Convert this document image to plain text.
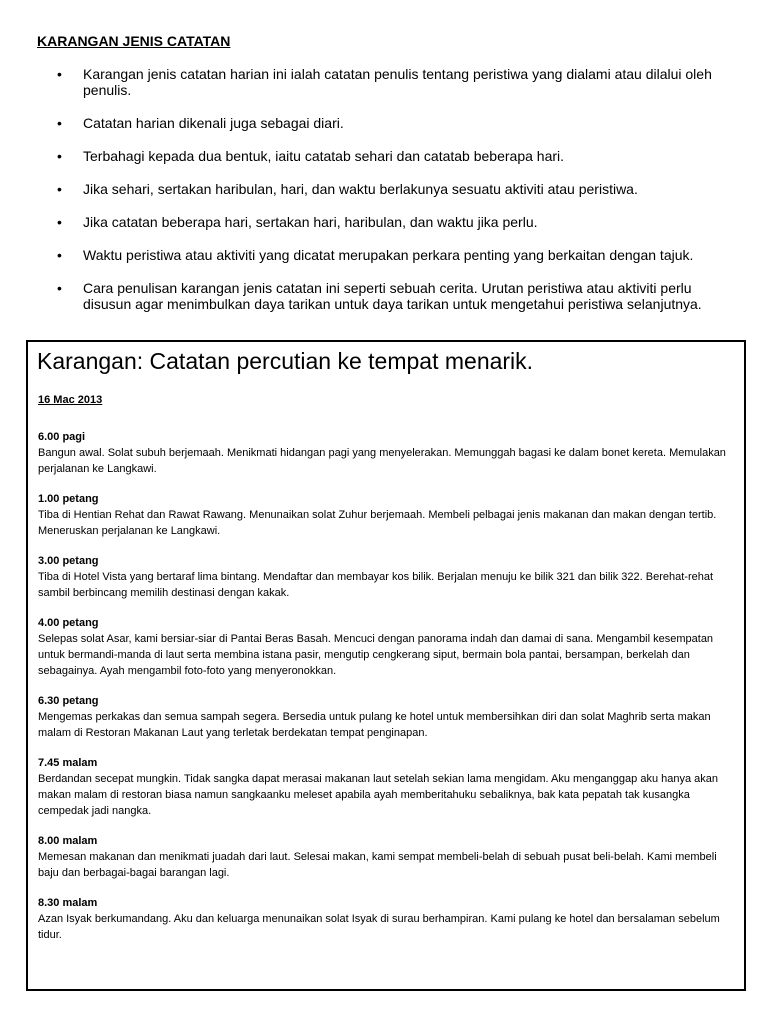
KARANGAN JENIS CATATAN
• Karangan jenis catatan harian ini ialah catatan penulis tentang peristiwa yang dialami atau dilalui oleh penulis.
• Catatan harian dikenali juga sebagai diari.
• Terbahagi kepada dua bentuk, iaitu catatab sehari dan catatab beberapa hari.
• Jika sehari, sertakan haribulan, hari, dan waktu berlakunya sesuatu aktiviti atau peristiwa.
• Jika catatan beberapa hari, sertakan hari, haribulan, dan waktu jika perlu.
• Waktu peristiwa atau aktiviti yang dicatat merupakan perkara penting yang berkaitan dengan tajuk.
• Cara penulisan karangan jenis catatan ini seperti sebuah cerita. Urutan peristiwa atau aktiviti perlu disusun agar menimbulkan daya tarikan untuk daya tarikan untuk mengetahui peristiwa selanjutnya.
Karangan: Catatan percutian ke tempat menarik.
16 Mac 2013
6.00 pagi
Bangun awal. Solat subuh berjemaah. Menikmati hidangan pagi yang menyelerakan. Memunggah bagasi ke dalam bonet kereta. Memulakan perjalanan ke Langkawi.
1.00 petang
Tiba di Hentian Rehat dan Rawat Rawang. Menunaikan solat Zuhur berjemaah. Membeli pelbagai jenis makanan dan makan dengan tertib. Meneruskan perjalanan ke Langkawi.
3.00 petang
Tiba di Hotel Vista yang bertaraf lima bintang. Mendaftar dan membayar kos bilik. Berjalan menuju ke bilik 321 dan bilik 322. Berehat-rehat sambil berbincang memilih destinasi dengan kakak.
4.00 petang
Selepas solat Asar, kami bersiar-siar di Pantai Beras Basah. Mencuci dengan panorama indah dan damai di sana. Mengambil kesempatan untuk bermandi-manda di laut serta membina istana pasir, mengutip cengkerang siput, bermain bola pantai, bersampan, berkelah dan sebagainya. Ayah mengambil foto-foto yang menyeronokkan.
6.30 petang
Mengemas perkakas dan semua sampah segera. Bersedia untuk pulang ke hotel untuk membersihkan diri dan solat Maghrib serta makan malam di Restoran Makanan Laut yang terletak berdekatan tempat penginapan.
7.45 malam
Berdandan secepat mungkin. Tidak sangka dapat merasai makanan laut setelah sekian lama mengidam. Aku menganggap aku hanya akan makan malam di restoran biasa namun sangkaanku meleset apabila ayah memberitahuku sebaliknya, bak kata pepatah tak kusangka cempedak jadi nangka.
8.00 malam
Memesan makanan dan menikmati juadah dari laut. Selesai makan, kami sempat membeli-belah di sebuah pusat beli-belah. Kami membeli baju dan berbagai-bagai barangan lagi.
8.30 malam
Azan Isyak berkumandang. Aku dan keluarga menunaikan solat Isyak di surau berhampiran. Kami pulang ke hotel dan bersalaman sebelum tidur.
